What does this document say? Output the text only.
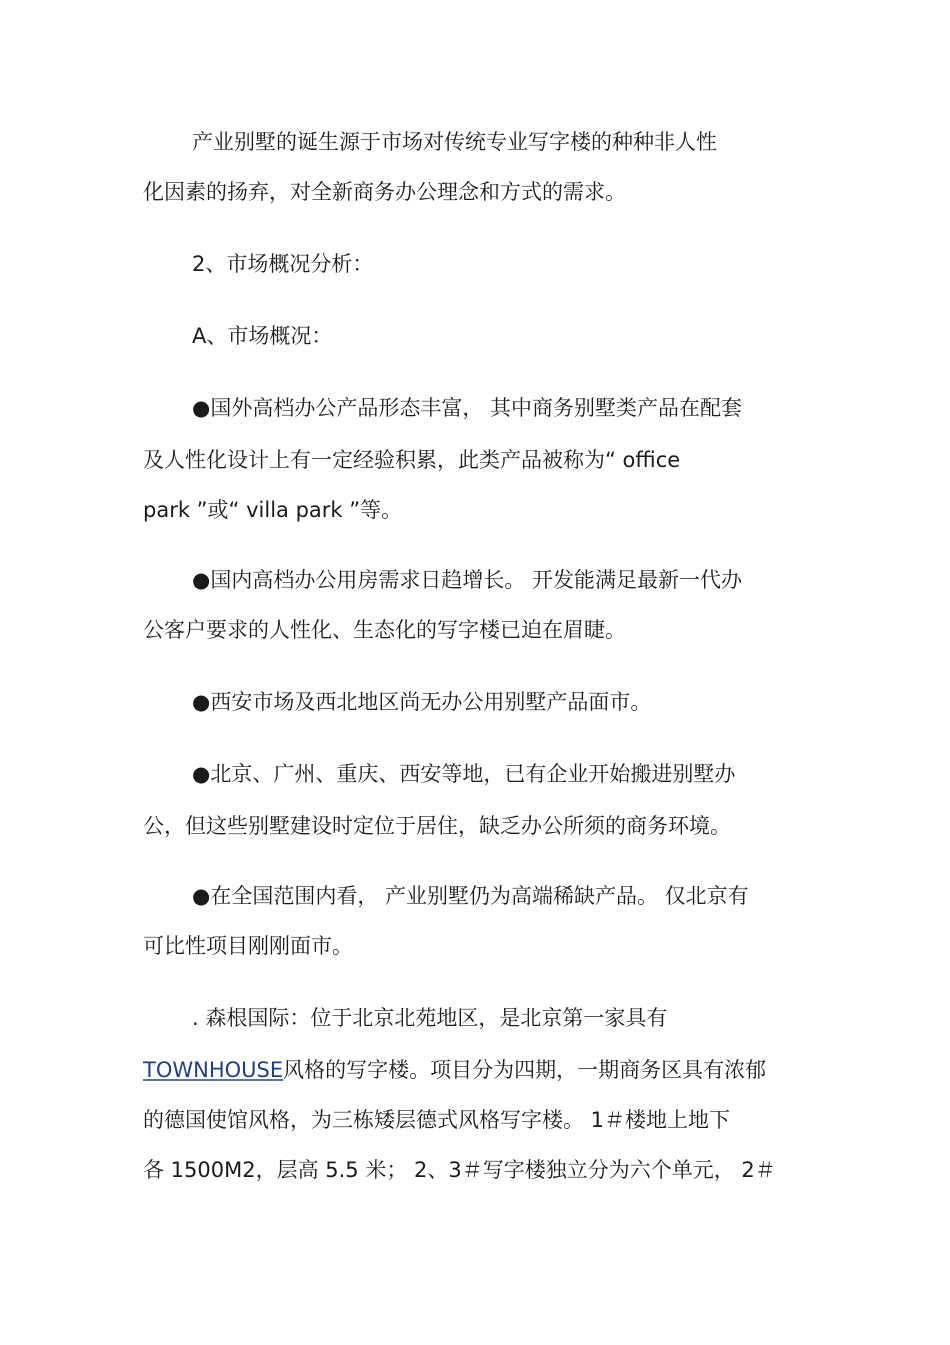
产业别墅的诞生源于市场对传统专业写字楼的种种非人性
化因素的扬弃，对全新商务办公理念和方式的需求。
2、市场概况分析：
A、市场概况：
●国外高档办公产品形态丰富， 其中商务别墅类产品在配套
及人性化设计上有一定经验积累，此类产品被称为“ office
park ”或“ villa park ”等。
●国内高档办公用房需求日趋增长。 开发能满足最新一代办
公客户要求的人性化、生态化的写字楼已迫在眉睫。
●西安市场及西北地区尚无办公用别墅产品面市。
●北京、广州、重庆、西安等地，已有企业开始搬进别墅办
公，但这些别墅建设时定位于居住，缺乏办公所须的商务环境。
●在全国范围内看， 产业别墅仍为高端稀缺产品。 仅北京有
可比性项目刚刚面市。
. 森根国际：位于北京北苑地区，是北京第一家具有
TOWNHOUSE风格的写字楼。项目分为四期，一期商务区具有浓郁
的德国使馆风格，为三栋矮层德式风格写字楼。 1＃楼地上地下
各 1500M2，层高 5.5 米； 2、3＃写字楼独立分为六个单元， 2＃
